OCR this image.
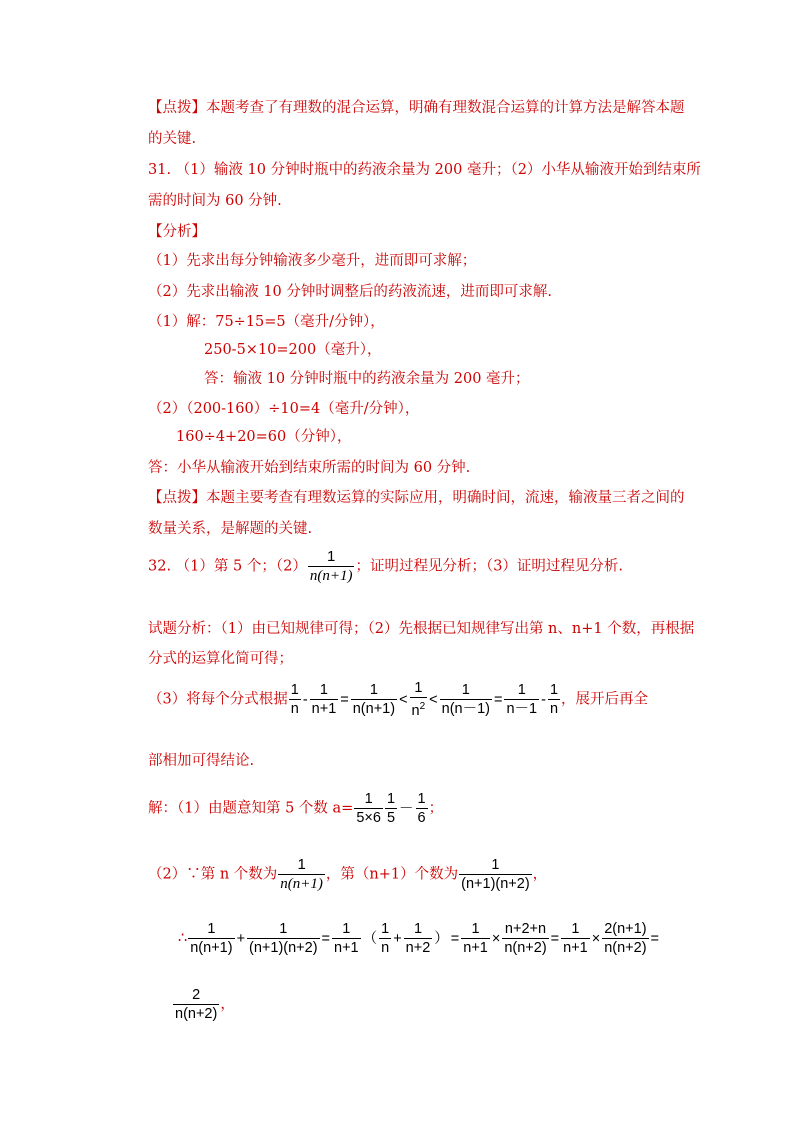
【点拨】本题考查了有理数的混合运算，明确有理数混合运算的计算方法是解答本题
的关键.
31. （1）输液 10 分钟时瓶中的药液余量为 200 毫升；（2）小华从输液开始到结束所
需的时间为 60 分钟.
【分析】
（1）先求出每分钟输液多少毫升，进而即可求解；
（2）先求出输液 10 分钟时调整后的药液流速，进而即可求解.
（1）解：75÷15=5（毫升/分钟），
250-5×10=200（毫升），
答：输液 10 分钟时瓶中的药液余量为 200 毫升；
（2）（200-160）÷10=4（毫升/分钟），
160÷4+20=60（分钟），
答：小华从输液开始到结束所需的时间为 60 分钟.
【点拨】本题主要考查有理数运算的实际应用，明确时间，流速，输液量三者之间的
数量关系，是解题的关键.
32. （1）第 5 个；$(2) \frac{1}{n(n+1)}$ ；证明过程见分析；（3）证明过程见分析.
试题分析：（1）由已知规律可得；（2）先根据已知规律写出第 n、n+1 个数，再根据
分式的运算化简可得；
（3）将每个分式根据 $\frac{1}{n} - \frac{1}{n+1} = \frac{1}{n(n+1)} < \frac{1}{n^2} < \frac{1}{n(n-1)} = \frac{1}{n-1} - \frac{1}{n}$ ，展开后再全
部相加可得结论.
解：（1）由题意知第 5 个数 $a= \frac{1}{5\times 6} \frac{1}{5} - \frac{1}{6}$ ；
（2）∵第 n 个数为 $\frac{1}{n(n+1)}$ ，第（n+1）个数为 $\frac{1}{(n+1)(n+2)}$ ，
∴ $\frac{1}{n(n+1)} + \frac{1}{(n+1)(n+2)} = \frac{1}{n+1}$ （ $\frac{1}{n} + \frac{1}{n+2}$ ） = $\frac{1}{n+1} \times \frac{n+2+n}{n(n+2)} = \frac{1}{n+1} \times \frac{2(n+1)}{n(n+2)}$ =
$\frac{2}{n(n+2)}$ ，
